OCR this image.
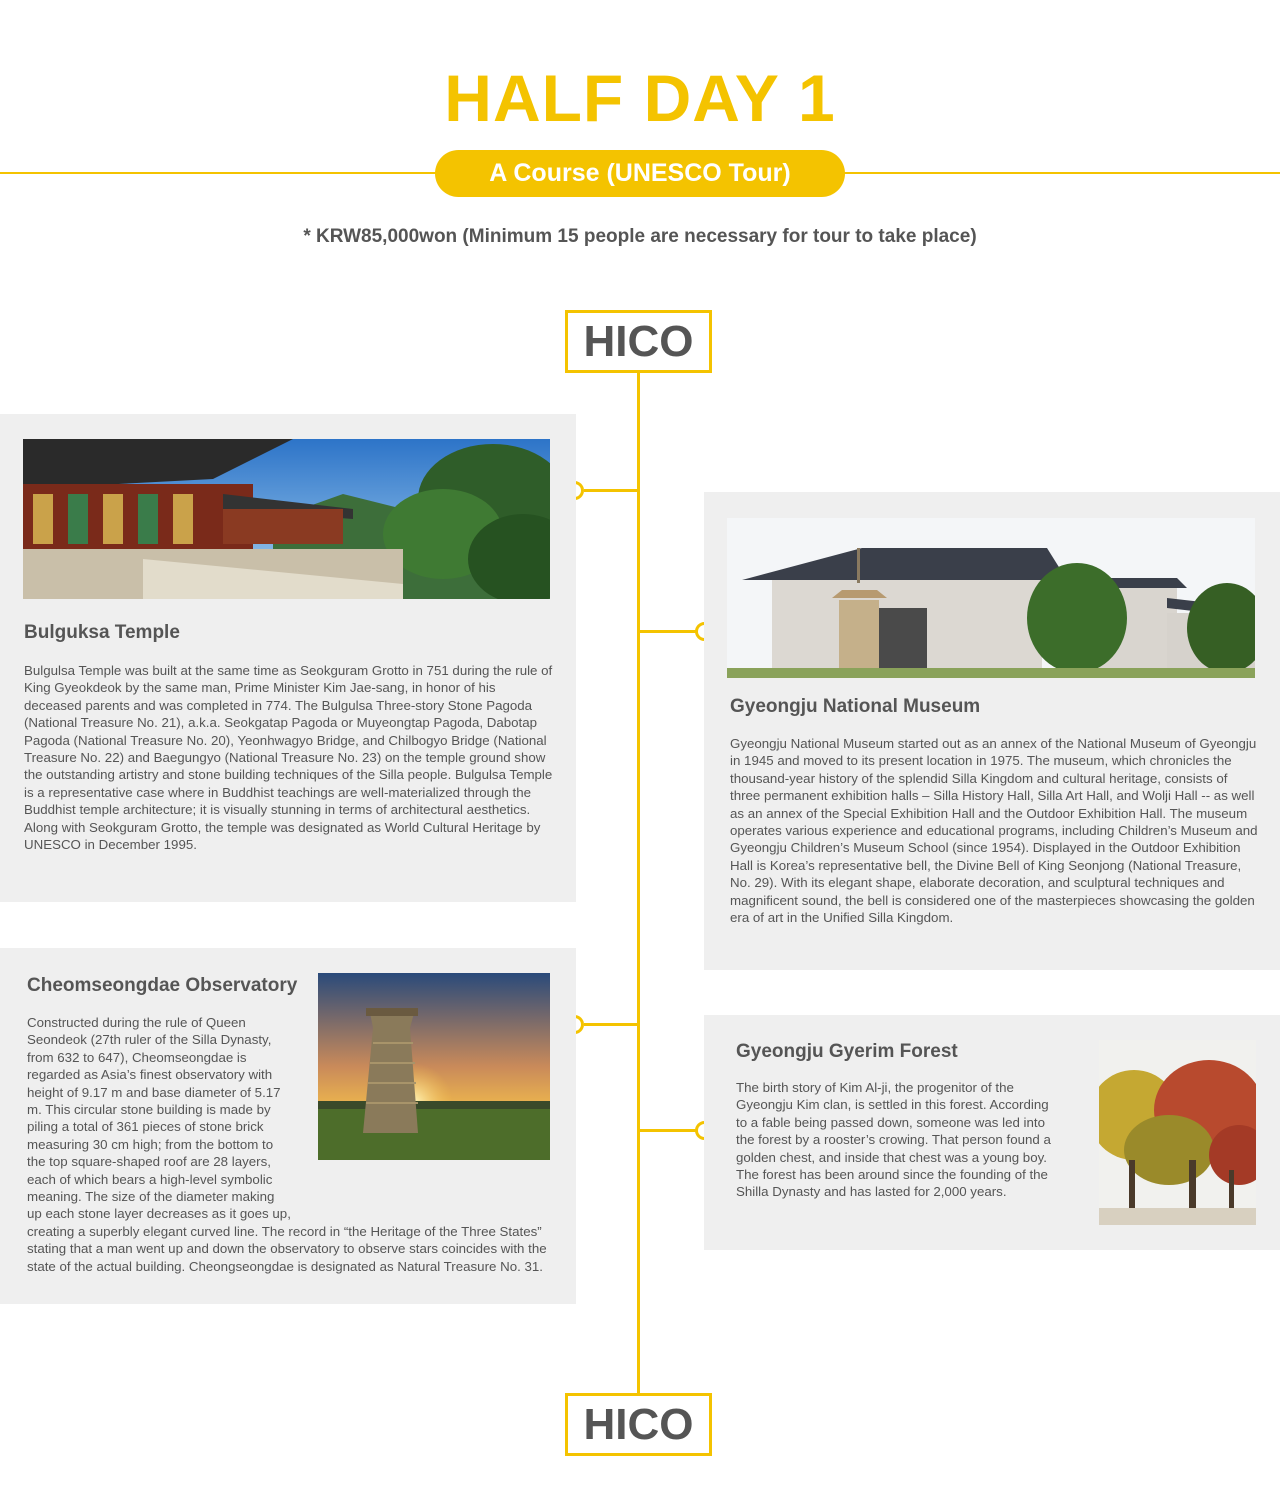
HALF DAY 1
A Course (UNESCO Tour)
* KRW85,000won (Minimum 15 people are necessary for tour to take place)
HICO
HICO
Bulguksa Temple

Bulgulsa Temple was built at the same time as Seokguram Grotto in 751 during the rule of King Gyeokdeok by the same man, Prime Minister Kim Jae-sang, in honor of his deceased parents and was completed in 774. The Bulgulsa Three-story Stone Pagoda (National Treasure No. 21), a.k.a. Seokgatap Pagoda or Muyeongtap Pagoda, Dabotap Pagoda (National Treasure No. 20), Yeonhwagyo Bridge, and Chilbogyo Bridge (National Treasure No. 22) and Baegungyo (National Treasure No. 23) on the temple ground show the outstanding artistry and stone building techniques of the Silla people. Bulgulsa Temple is a representative case where in Buddhist teachings are well-materialized through the Buddhist temple architecture; it is visually stunning in terms of architectural aesthetics. Along with Seokguram Grotto, the temple was designated as World Cultural Heritage by UNESCO in December 1995.

Gyeongju National Museum

Gyeongju National Museum started out as an annex of the National Museum of Gyeongju in 1945 and moved to its present location in 1975. The museum, which chronicles the thousand-year history of the splendid Silla Kingdom and cultural heritage, consists of three permanent exhibition halls – Silla History Hall, Silla Art Hall, and Wolji Hall -- as well as an annex of the Special Exhibition Hall and the Outdoor Exhibition Hall. The museum operates various experience and educational programs, including Children’s Museum and Gyeongju Children’s Museum School (since 1954). Displayed in the Outdoor Exhibition Hall is Korea’s representative bell, the Divine Bell of King Seonjong (National Treasure, No. 29). With its elegant shape, elaborate decoration, and sculptural techniques and magnificent sound, the bell is considered one of the masterpieces showcasing the golden era of art in the Unified Silla Kingdom.

Cheomseongdae Observatory
Constructed during the rule of Queen Seondeok (27th ruler of the Silla Dynasty, from 632 to 647), Cheomseongdae is regarded as Asia’s finest observatory with height of 9.17 m and base diameter of 5.17 m. This circular stone building is made by piling a total of 361 pieces of stone brick measuring 30 cm high; from the bottom to the top square-shaped roof are 28 layers, each of which bears a high-level symbolic meaning. The size of the diameter making up each stone layer decreases as it goes up, creating a superbly elegant curved line. The record in “the Heritage of the Three States” stating that a man went up and down the observatory to observe stars coincides with the state of the actual building. Cheongseongdae is designated as Natural Treasure No. 31.
Gyeongju Gyerim Forest

The birth story of Kim Al-ji, the progenitor of the Gyeongju Kim clan, is settled in this forest. According to a fable being passed down, someone was led into the forest by a rooster’s crowing. That person found a golden chest, and inside that chest was a young boy. The forest has been around since the founding of the Shilla Dynasty and has lasted for 2,000 years.
